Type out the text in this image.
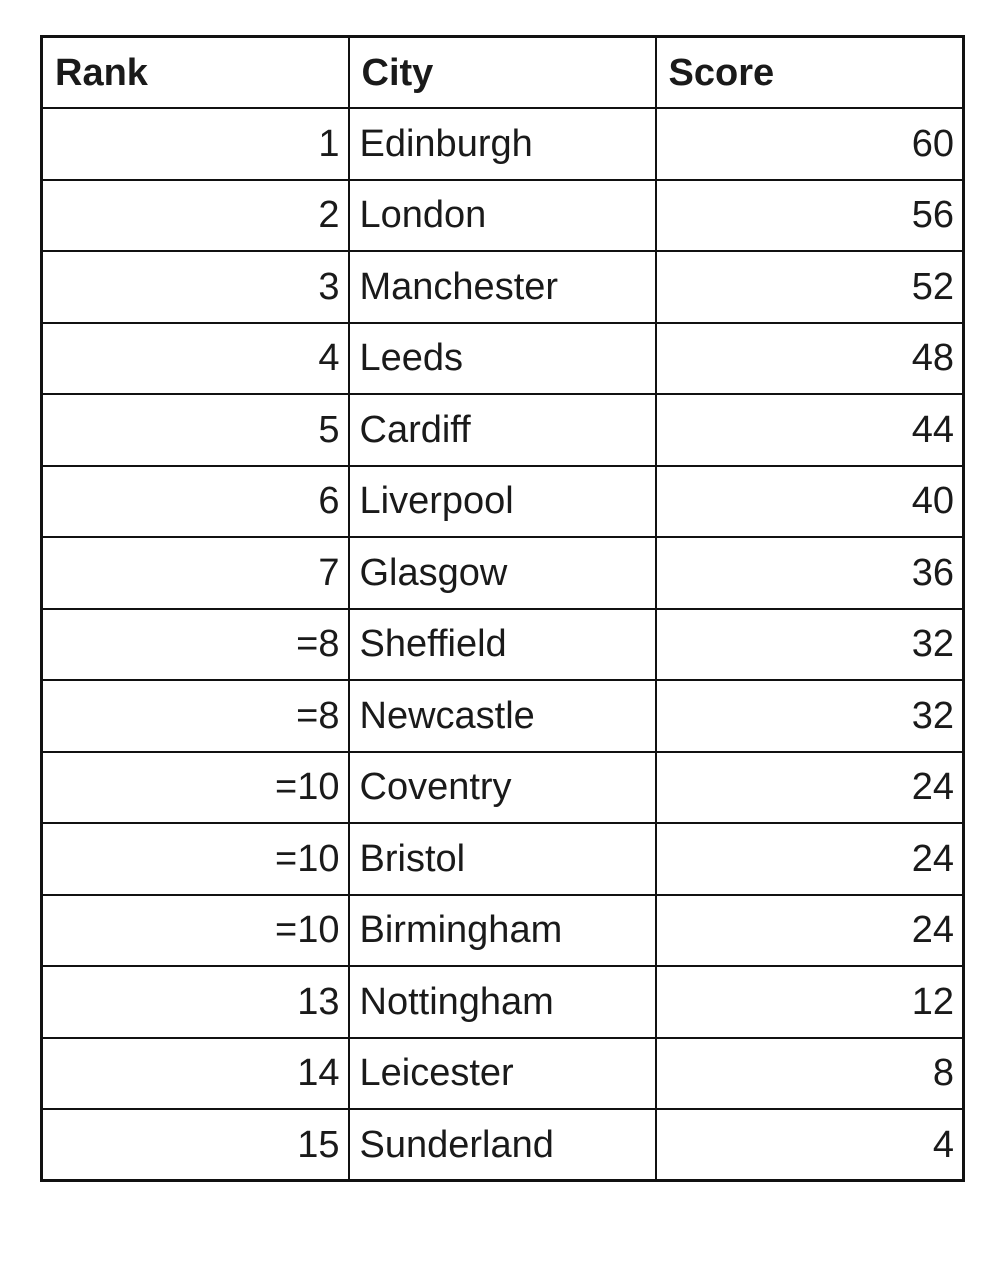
Rank	City	Score
1	Edinburgh	60
2	London	56
3	Manchester	52
4	Leeds	48
5	Cardiff	44
6	Liverpool	40
7	Glasgow	36
=8	Sheffield	32
=8	Newcastle	32
=10	Coventry	24
=10	Bristol	24
=10	Birmingham	24
13	Nottingham	12
14	Leicester	8
15	Sunderland	4
